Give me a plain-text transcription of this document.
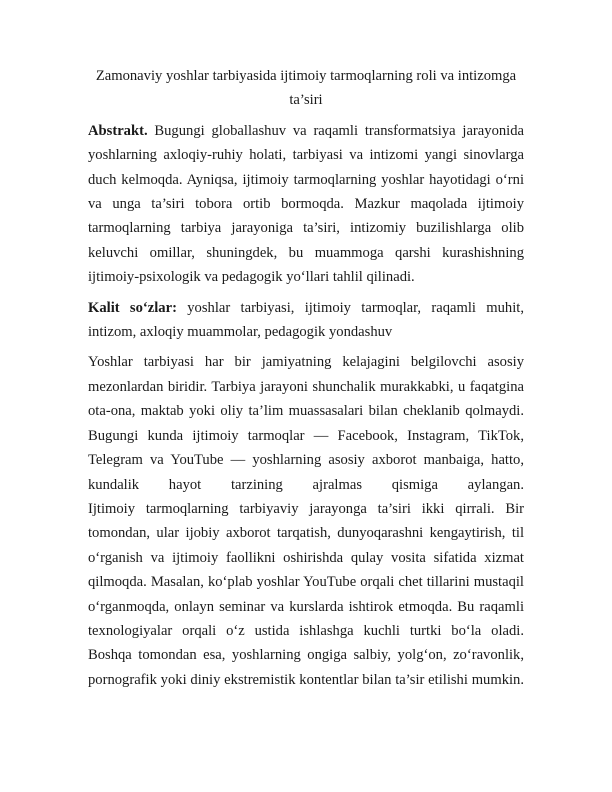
Zamonaviy yoshlar tarbiyasida ijtimoiy tarmoqlarning roli va intizomga
ta’siri

Abstrakt. Bugungi globallashuv va raqamli transformatsiya jarayonida yoshlarning axloqiy-ruhiy holati, tarbiyasi va intizomi yangi sinovlarga duch kelmoqda. Ayniqsa, ijtimoiy tarmoqlarning yoshlar hayotidagi o‘rni va unga ta’siri tobora ortib bormoqda. Mazkur maqolada ijtimoiy tarmoqlarning tarbiya jarayoniga ta’siri, intizomiy buzilishlarga olib keluvchi omillar, shuningdek, bu muammoga qarshi kurashishning ijtimoiy-psixologik va pedagogik yo‘llari tahlil qilinadi.

Kalit so‘zlar: yoshlar tarbiyasi, ijtimoiy tarmoqlar, raqamli muhit, intizom, axloqiy muammolar, pedagogik yondashuv

Yoshlar tarbiyasi har bir jamiyatning kelajagini belgilovchi asosiy mezonlardan biridir. Tarbiya jarayoni shunchalik murakkabki, u faqatgina ota-ona, maktab yoki oliy ta’lim muassasalari bilan cheklanib qolmaydi. Bugungi kunda ijtimoiy tarmoqlar — Facebook, Instagram, TikTok, Telegram va YouTube — yoshlarning asosiy axborot manbaiga, hatto, kundalik hayot tarzining ajralmas qismiga aylangan.

Ijtimoiy tarmoqlarning tarbiyaviy jarayonga ta’siri ikki qirrali. Bir tomondan, ular ijobiy axborot tarqatish, dunyoqarashni kengaytirish, til o‘rganish va ijtimoiy faollikni oshirishda qulay vosita sifatida xizmat qilmoqda. Masalan, ko‘plab yoshlar YouTube orqali chet tillarini mustaqil o‘rganmoqda, onlayn seminar va kurslarda ishtirok etmoqda. Bu raqamli texnologiyalar orqali o‘z ustida ishlashga kuchli turtki bo‘la oladi.

Boshqa tomondan esa, yoshlarning ongiga salbiy, yolg‘on, zo‘ravonlik, pornografik yoki diniy ekstremistik kontentlar bilan ta’sir etilishi mumkin.
